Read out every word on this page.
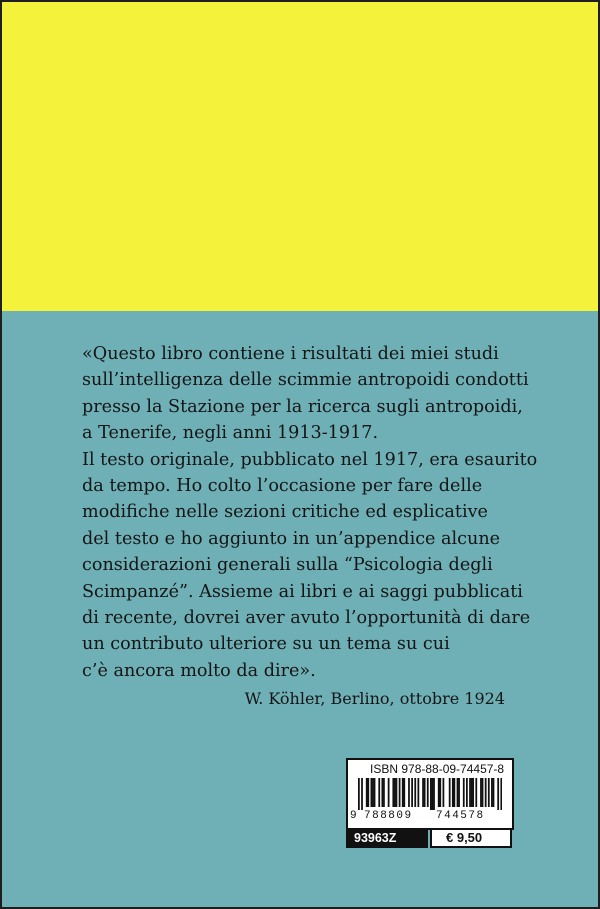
«Questo libro contiene i risultati dei miei studi
sull’intelligenza delle scimmie antropoidi condotti
presso la Stazione per la ricerca sugli antropoidi,
a Tenerife, negli anni 1913-1917.
Il testo originale, pubblicato nel 1917, era esaurito
da tempo. Ho colto l’occasione per fare delle
modifiche nelle sezioni critiche ed esplicative
del testo e ho aggiunto in un’appendice alcune
considerazioni generali sulla “Psicologia degli
Scimpanzé”. Assieme ai libri e ai saggi pubblicati
di recente, dovrei aver avuto l’opportunità di dare
un contributo ulteriore su un tema su cui
c’è ancora molto da dire».

W. Köhler, Berlino, ottobre 1924
ISBN 978-88-09-74457-8
9 788809 744578
93963Z	€ 9,50
